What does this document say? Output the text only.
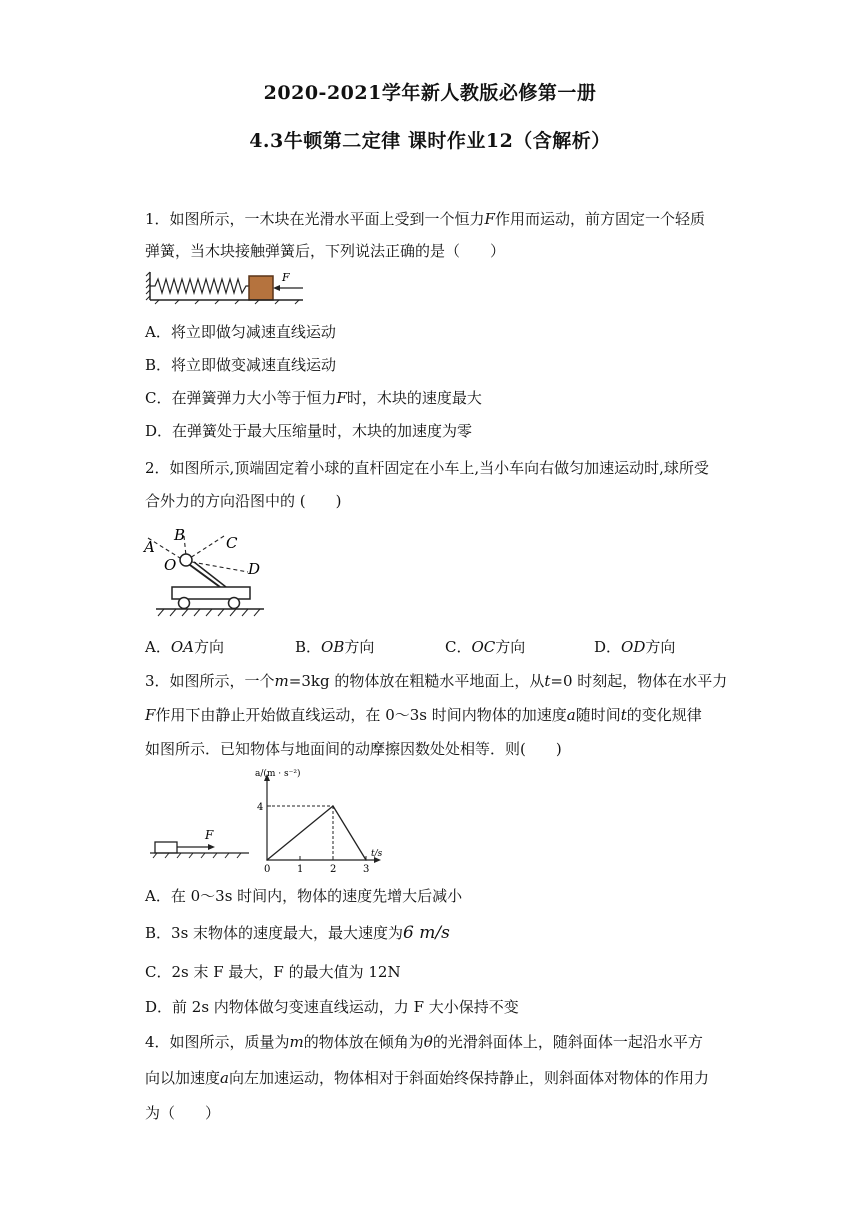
2020-2021学年新人教版必修第一册
4.3牛顿第二定律 课时作业12（含解析）
1．如图所示，一木块在光滑水平面上受到一个恒力F作用而运动，前方固定一个轻质
弹簧，当木块接触弹簧后，下列说法正确的是（　　）
F
A．将立即做匀减速直线运动
B．将立即做变减速直线运动
C．在弹簧弹力大小等于恒力F时，木块的速度最大
D．在弹簧处于最大压缩量时，木块的加速度为零
2．如图所示,顶端固定着小球的直杆固定在小车上,当小车向右做匀加速运动时,球所受
合外力的方向沿图中的 (　　)
A
B	C
D
O
A．OA方向	B．OB方向	C．OC方向	D．OD方向
3．如图所示，一个m=3kg 的物体放在粗糙水平地面上，从t=0 时刻起，物体在水平力
F作用下由静止开始做直线运动，在 0～3s 时间内物体的加速度a随时间t的变化规律
如图所示．已知物体与地面间的动摩擦因数处处相等．则(　　)
F
a/(m · s⁻²)
t/s
0	1	2	3
4
A．在 0～3s 时间内，物体的速度先增大后减小
B．3s 末物体的速度最大，最大速度为6 m/s
C．2s 末 F 最大，F 的最大值为 12N
D．前 2s 内物体做匀变速直线运动，力 F 大小保持不变
4．如图所示，质量为m的物体放在倾角为θ的光滑斜面体上，随斜面体一起沿水平方
向以加速度a向左加速运动，物体相对于斜面始终保持静止，则斜面体对物体的作用力
为（　　）
